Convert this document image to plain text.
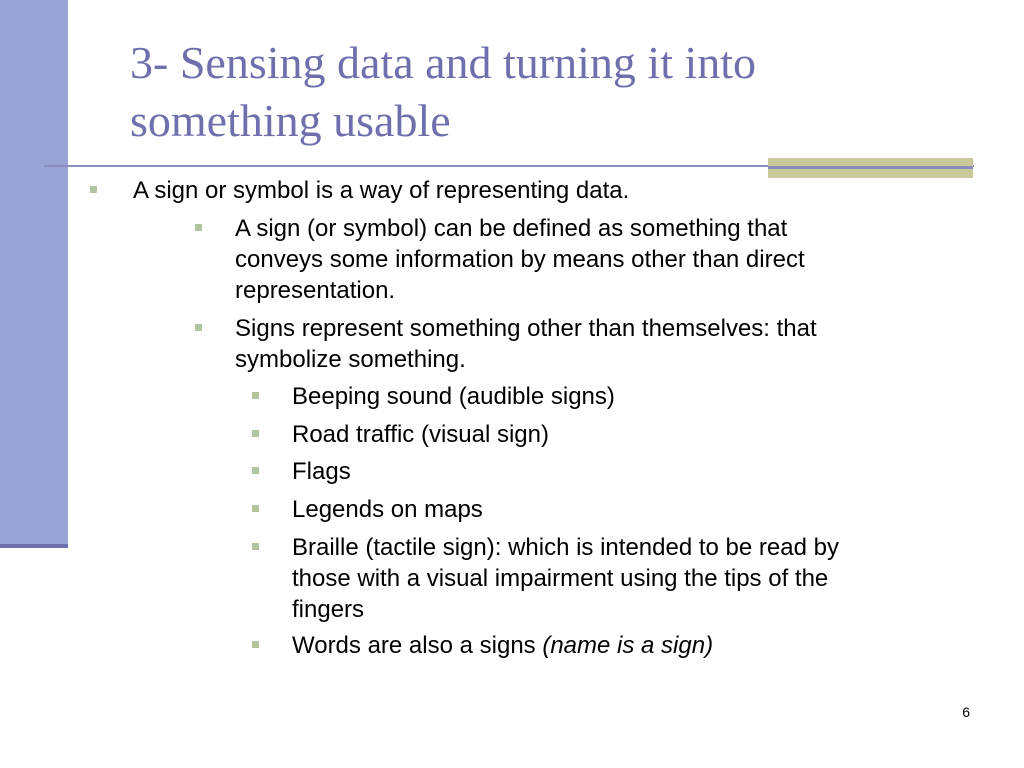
3- Sensing data and turning it into
something usable
A sign or symbol is a way of representing data.
A sign (or symbol) can be defined as something that
conveys some information by means other than direct
representation.
Signs represent something other than themselves: that
symbolize something.
Beeping sound (audible signs)
Road traffic (visual sign)
Flags
Legends on maps
Braille (tactile sign): which is intended to be read by
those with a visual impairment using the tips of the
fingers
Words are also a signs (name is a sign)
6
